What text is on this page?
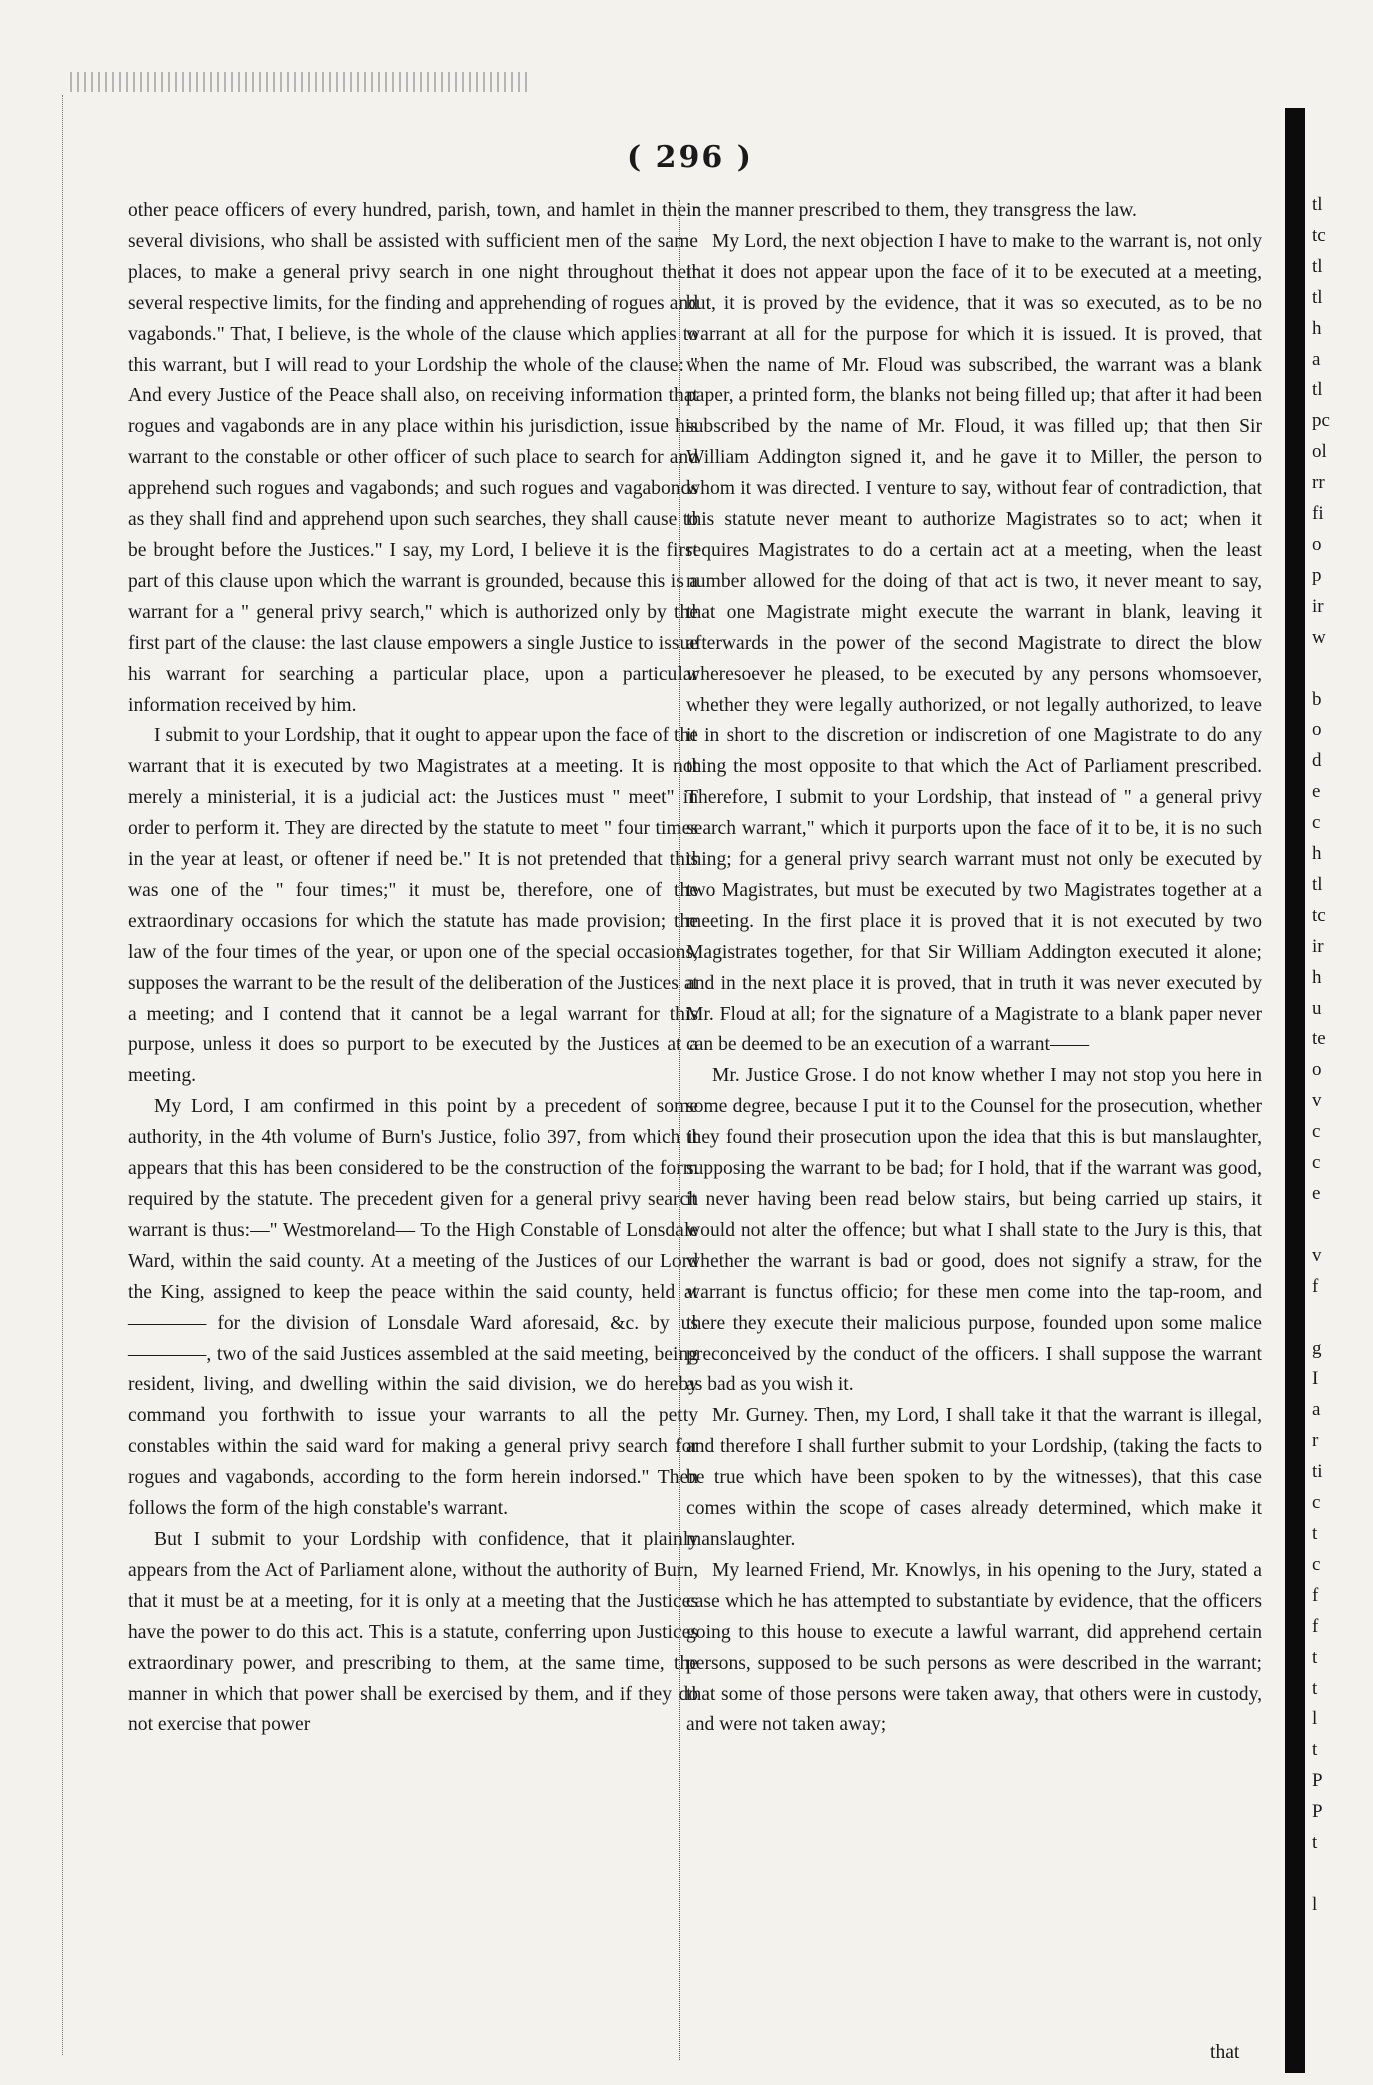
( 296 )

other peace officers of every hundred, parish, town, and hamlet in their several divisions, who shall be assisted with sufficient men of the same places, to make a general privy search in one night throughout their several respective limits, for the finding and apprehending of rogues and vagabonds." That, I believe, is the whole of the clause which applies to this warrant, but I will read to your Lordship the whole of the clause: " And every Justice of the Peace shall also, on receiving information that rogues and vagabonds are in any place within his jurisdiction, issue his warrant to the constable or other officer of such place to search for and apprehend such rogues and vagabonds; and such rogues and vagabonds as they shall find and apprehend upon such searches, they shall cause to be brought before the Justices." I say, my Lord, I believe it is the first part of this clause upon which the warrant is grounded, because this is a warrant for a " general privy search," which is authorized only by the first part of the clause: the last clause empowers a single Justice to issue his warrant for searching a particular place, upon a particular information received by him.

I submit to your Lordship, that it ought to appear upon the face of the warrant that it is executed by two Magistrates at a meeting. It is not merely a ministerial, it is a judicial act: the Justices must " meet" in order to perform it. They are directed by the statute to meet " four times in the year at least, or oftener if need be." It is not pretended that this was one of the " four times;" it must be, therefore, one of the extraordinary occasions for which the statute has made provision; the law of the four times of the year, or upon one of the special occasions, supposes the warrant to be the result of the deliberation of the Justices at a meeting; and I contend that it cannot be a legal warrant for this purpose, unless it does so purport to be executed by the Justices at a meeting.

My Lord, I am confirmed in this point by a precedent of some authority, in the 4th volume of Burn's Justice, folio 397, from which it appears that this has been considered to be the construction of the form required by the statute. The precedent given for a general privy search warrant is thus:—" Westmoreland— To the High Constable of Lonsdale Ward, within the said county. At a meeting of the Justices of our Lord the King, assigned to keep the peace within the said county, held at ———— for the division of Lonsdale Ward aforesaid, &c. by us ————, two of the said Justices assembled at the said meeting, being resident, living, and dwelling within the said division, we do hereby command you forthwith to issue your warrants to all the petty constables within the said ward for making a general privy search for rogues and vagabonds, according to the form herein indorsed." Then follows the form of the high constable's warrant.

But I submit to your Lordship with confidence, that it plainly appears from the Act of Parliament alone, without the authority of Burn, that it must be at a meeting, for it is only at a meeting that the Justices have the power to do this act. This is a statute, conferring upon Justices extraordinary power, and prescribing to them, at the same time, the manner in which that power shall be exercised by them, and if they do not exercise that power

in the manner prescribed to them, they transgress the law.

My Lord, the next objection I have to make to the warrant is, not only that it does not appear upon the face of it to be executed at a meeting, but, it is proved by the evidence, that it was so executed, as to be no warrant at all for the purpose for which it is issued. It is proved, that when the name of Mr. Floud was subscribed, the warrant was a blank paper, a printed form, the blanks not being filled up; that after it had been subscribed by the name of Mr. Floud, it was filled up; that then Sir William Addington signed it, and he gave it to Miller, the person to whom it was directed. I venture to say, without fear of contradiction, that this statute never meant to authorize Magistrates so to act; when it requires Magistrates to do a certain act at a meeting, when the least number allowed for the doing of that act is two, it never meant to say, that one Magistrate might execute the warrant in blank, leaving it afterwards in the power of the second Magistrate to direct the blow wheresoever he pleased, to be executed by any persons whomsoever, whether they were legally authorized, or not legally authorized, to leave it in short to the discretion or indiscretion of one Magistrate to do any thing the most opposite to that which the Act of Parliament prescribed. Therefore, I submit to your Lordship, that instead of " a general privy search warrant," which it purports upon the face of it to be, it is no such thing; for a general privy search warrant must not only be executed by two Magistrates, but must be executed by two Magistrates together at a meeting. In the first place it is proved that it is not executed by two Magistrates together, for that Sir William Addington executed it alone; and in the next place it is proved, that in truth it was never executed by Mr. Floud at all; for the signature of a Magistrate to a blank paper never can be deemed to be an execution of a warrant——

Mr. Justice Grose. I do not know whether I may not stop you here in some degree, because I put it to the Counsel for the prosecution, whether they found their prosecution upon the idea that this is but manslaughter, supposing the warrant to be bad; for I hold, that if the warrant was good, it never having been read below stairs, but being carried up stairs, it would not alter the offence; but what I shall state to the Jury is this, that whether the warrant is bad or good, does not signify a straw, for the warrant is functus officio; for these men come into the tap-room, and there they execute their malicious purpose, founded upon some malice preconceived by the conduct of the officers. I shall suppose the warrant as bad as you wish it.

Mr. Gurney. Then, my Lord, I shall take it that the warrant is illegal, and therefore I shall further submit to your Lordship, (taking the facts to be true which have been spoken to by the witnesses), that this case comes within the scope of cases already determined, which make it manslaughter.

My learned Friend, Mr. Knowlys, in his opening to the Jury, stated a case which he has attempted to substantiate by evidence, that the officers going to this house to execute a lawful warrant, did apprehend certain persons, supposed to be such persons as were described in the warrant; that some of those persons were taken away, that others were in custody, and were not taken away;

that
tl
tc
tl
tl
h
a
tl
pc
ol
rr
fi
o
p
ir
w

b
o
d
e
c
h
tl
tc
ir
h
u
te
o
v
c
c
e

v
f

g
I
a
r
ti
c
t
c
f
f
t
t
l
t
P
P
t

l
